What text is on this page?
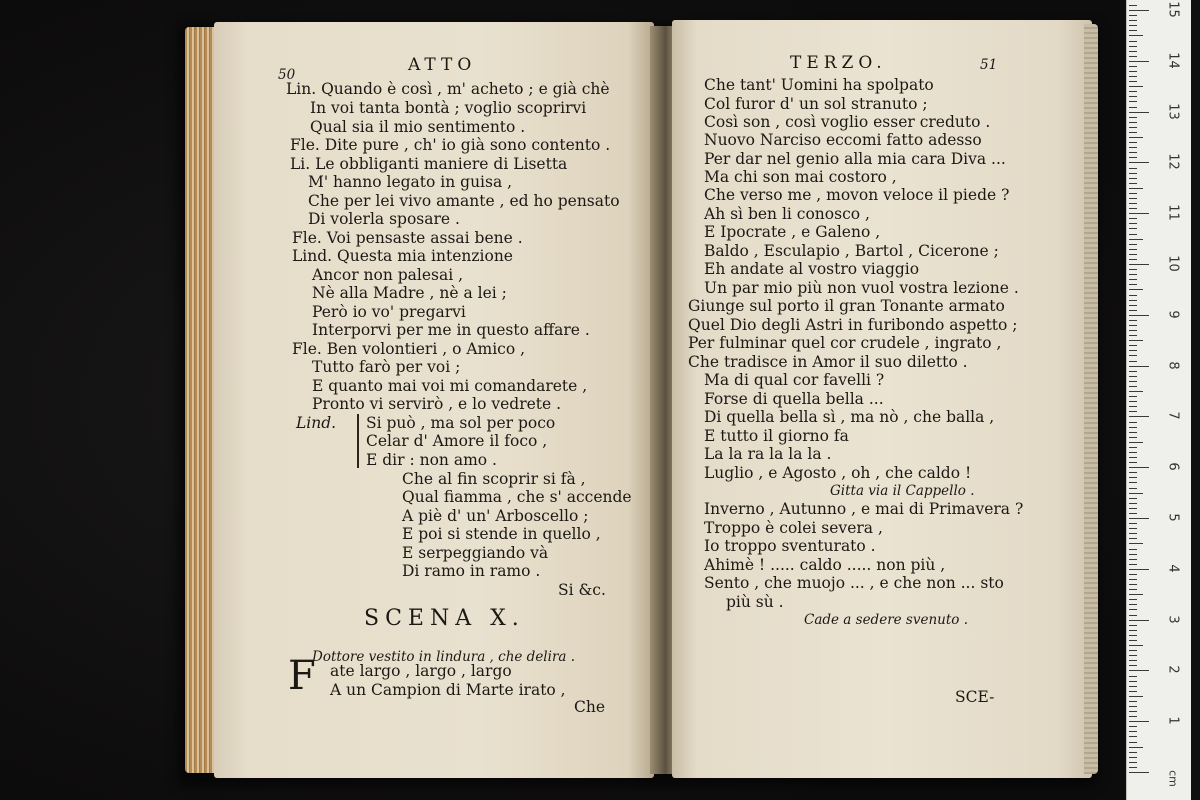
50	ATTO
Lin. Quando è così , m' acheto ; e già chè
In voi tanta bontà ; voglio scoprirvi
Qual sia il mio sentimento .
Fle. Dite pure , ch' io già sono contento .
Li. Le obbliganti maniere di Lisetta
M' hanno legato in guisa ,
Che per lei vivo amante , ed ho pensato
Di volerla sposare .
Fle. Voi pensaste assai bene .
Lind. Questa mia intenzione
Ancor non palesai ,
Nè alla Madre , nè a lei ;
Però io vo' pregarvi
Interporvi per me in questo affare .
Fle. Ben volontieri , o Amico ,
Tutto farò per voi ;
E quanto mai voi mi comandarete ,
Pronto vi servirò , e lo vedrete .
Lind. Si può , ma sol per poco
Celar d' Amore il foco ,
E dir : non amo .
Che al fin scoprir si fà ,
Qual fiamma , che s' accende
A piè d' un' Arboscello ;
E poi si stende in quello ,
E serpeggiando và
Di ramo in ramo .
Si &c.
SCENA X.
Dottore vestito in lindura , che delira .
F ate largo , largo , largo
A un Campion di Marte irato ,
Che
TERZO.	51
Che tant' Uomini ha spolpato
Col furor d' un sol stranuto ;
Così son , così voglio esser creduto .
Nuovo Narciso eccomi fatto adesso
Per dar nel genio alla mia cara Diva ...
Ma chi son mai costoro ,
Che verso me , movon veloce il piede ?
Ah sì ben li conosco ,
E Ipocrate , e Galeno ,
Baldo , Esculapio , Bartol , Cicerone ;
Eh andate al vostro viaggio
Un par mio più non vuol vostra lezione .
Giunge sul porto il gran Tonante armato
Quel Dio degli Astri in furibondo aspetto ;
Per fulminar quel cor crudele , ingrato ,
Che tradisce in Amor il suo diletto .
Ma di qual cor favelli ?
Forse di quella bella ...
Di quella bella sì , ma nò , che balla ,
E tutto il giorno fa
La la ra la la la .
Luglio , e Agosto , oh , che caldo !
Gitta via il Cappello .
Inverno , Autunno , e mai di Primavera ?
Troppo è colei severa ,
Io troppo sventurato .
Ahimè ! ..... caldo ..... non più ,
Sento , che muojo ... , e che non ... sto
più sù .
Cade a sedere svenuto .
SCE-
1
2
3
4
5
6
7
8
9
10
11
12
13
14
15
cm
